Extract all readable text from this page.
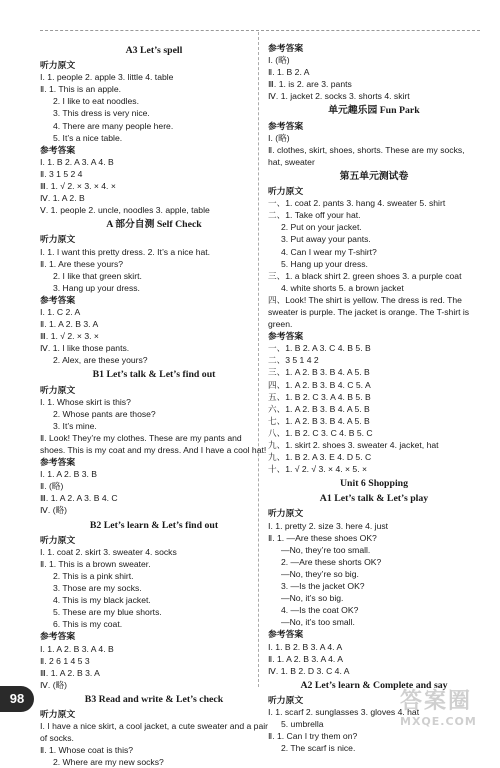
A3 Let’s spell
听力原文
Ⅰ. 1. people 2. apple 3. little 4. table
Ⅱ. 1. This is an apple.
2. I like to eat noodles.
3. This dress is very nice.
4. There are many people here.
5. It’s a nice table.
参考答案
Ⅰ. 1. B 2. A 3. A 4. B
Ⅱ. 3 1 5 2 4
Ⅲ. 1. √ 2. × 3. × 4. ×
Ⅳ. 1. A 2. B
Ⅴ. 1. people 2. uncle, noodles 3. apple, table
A 部分自测 Self Check
听力原文
Ⅰ. 1. I want this pretty dress. 2. It’s a nice hat.
Ⅱ. 1. Are these yours?
2. I like that green skirt.
3. Hang up your dress.
参考答案
Ⅰ. 1. C 2. A
Ⅱ. 1. A 2. B 3. A
Ⅲ. 1. √ 2. × 3. ×
Ⅳ. 1. I like those pants.
2. Alex, are these yours?
B1 Let’s talk & Let’s find out
听力原文
Ⅰ. 1. Whose skirt is this?
2. Whose pants are those?
3. It’s mine.
Ⅱ. Look! They’re my clothes. These are my pants and shoes. This is my coat and my dress. And I have a cool hat!
参考答案
Ⅰ. 1. A 2. B 3. B
Ⅱ. (略)
Ⅲ. 1. A 2. A 3. B 4. C
Ⅳ. (略)
B2 Let’s learn & Let’s find out
听力原文
Ⅰ. 1. coat 2. skirt 3. sweater 4. socks
Ⅱ. 1. This is a brown sweater.
2. This is a pink shirt.
3. Those are my socks.
4. This is my black jacket.
5. These are my blue shorts.
6. This is my coat.
参考答案
Ⅰ. 1. A 2. B 3. A 4. B
Ⅱ. 2 6 1 4 5 3
Ⅲ. 1. A 2. B 3. A
Ⅳ. (略)
B3 Read and write & Let’s check
听力原文
Ⅰ. I have a nice skirt, a cool jacket, a cute sweater and a pair of socks.
Ⅱ. 1. Whose coat is this?
2. Where are my new socks?
参考答案
Ⅰ. (略)
Ⅱ. 1. B 2. A
Ⅲ. 1. is 2. are 3. pants
Ⅳ. 1. jacket 2. socks 3. shorts 4. skirt
单元趣乐园 Fun Park
参考答案
Ⅰ. (略)
Ⅱ. clothes, skirt, shoes, shorts. These are my socks, hat, sweater
第五单元测试卷
听力原文
一、1. coat 2. pants 3. hang 4. sweater 5. shirt
二、1. Take off your hat.
2. Put on your jacket.
3. Put away your pants.
4. Can I wear my T-shirt?
5. Hang up your dress.
三、1. a black shirt 2. green shoes 3. a purple coat
4. white shorts 5. a brown jacket
四、Look! The shirt is yellow. The dress is red. The sweater is purple. The jacket is orange. The T-shirt is green.
参考答案
一、1. B 2. A 3. C 4. B 5. B
二、3 5 1 4 2
三、1. A 2. B 3. B 4. A 5. B
四、1. A 2. B 3. B 4. C 5. A
五、1. B 2. C 3. A 4. B 5. B
六、1. A 2. B 3. B 4. A 5. B
七、1. A 2. B 3. B 4. A 5. B
八、1. B 2. C 3. C 4. B 5. C
九、1. skirt 2. shoes 3. sweater 4. jacket, hat
九、1. B 2. A 3. E 4. D 5. C
十、1. √ 2. √ 3. × 4. × 5. ×
Unit 6 Shopping
A1 Let’s talk & Let’s play
听力原文
Ⅰ. 1. pretty 2. size 3. here 4. just
Ⅱ. 1. —Are these shoes OK?
—No, they’re too small.
2. —Are these shorts OK?
—No, they’re so big.
3. —Is the jacket OK?
—No, it’s so big.
4. —Is the coat OK?
—No, it’s too small.
参考答案
Ⅰ. 1. B 2. B 3. A 4. A
Ⅱ. 1. A 2. B 3. A 4. A
Ⅳ. 1. B 2. D 3. C 4. A
A2 Let’s learn & Complete and say
听力原文
Ⅰ. 1. scarf 2. sunglasses 3. gloves 4. hat
5. umbrella
Ⅱ. 1. Can I try them on?
2. The scarf is nice.
98	答案圈
MXQE.COM
